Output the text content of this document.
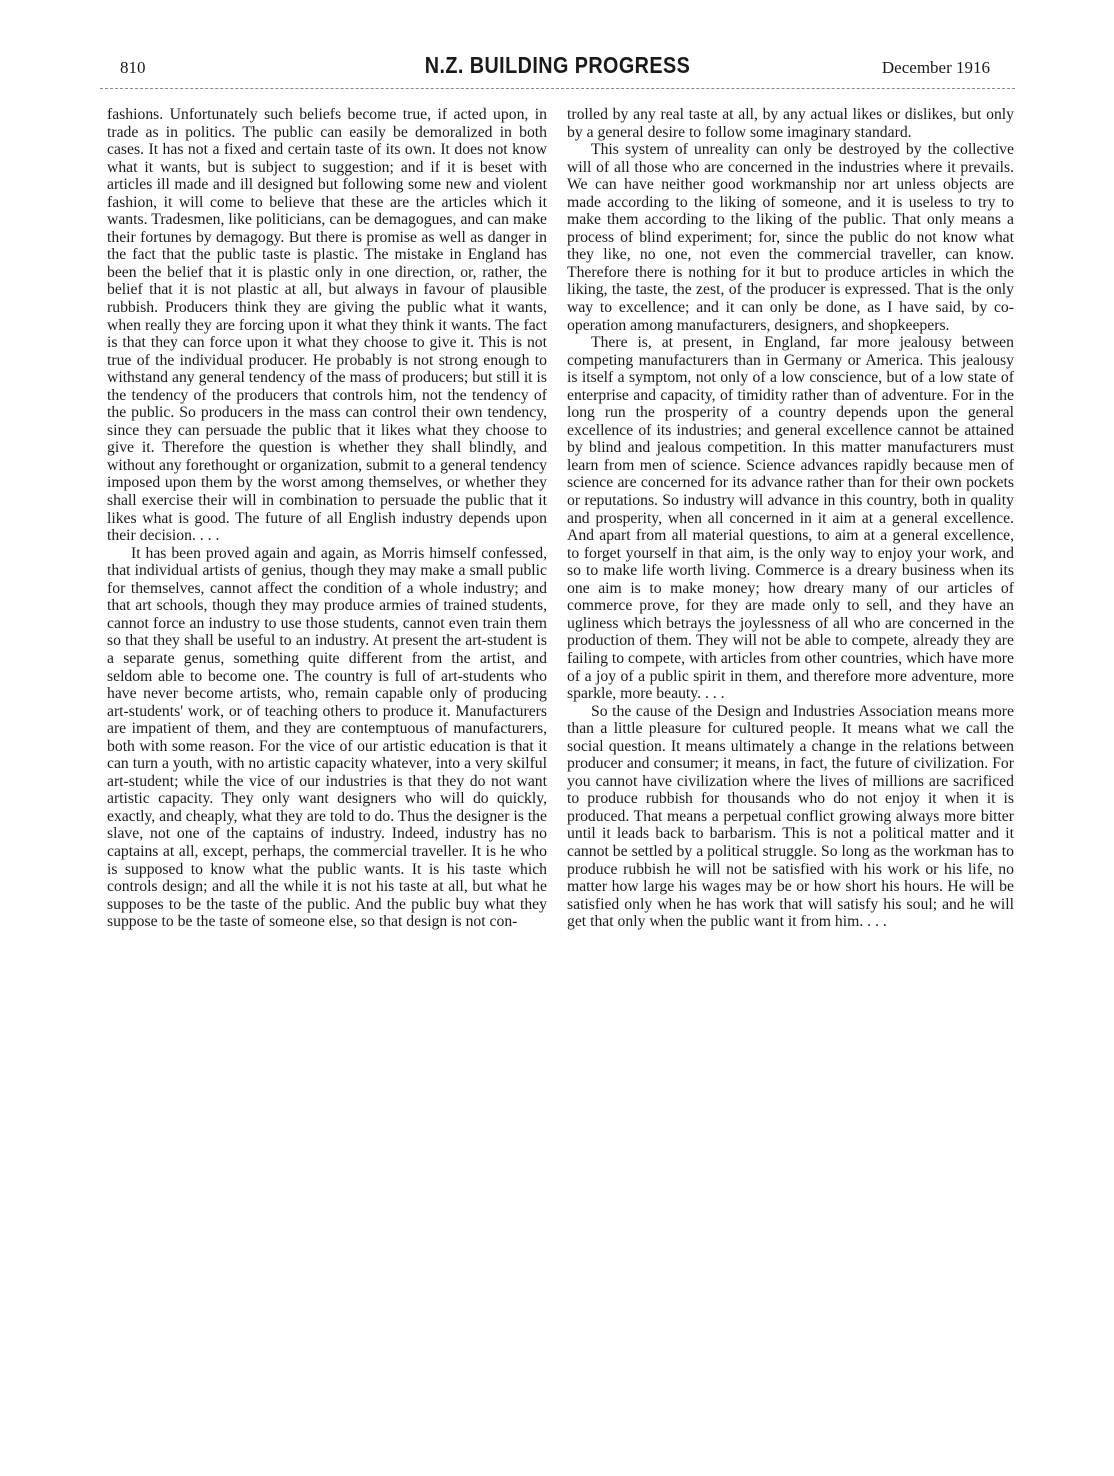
810	N.Z. BUILDING PROGRESS	December 1916

fashions. Unfortunately such beliefs become true, if acted upon, in trade as in politics. The public can easily be demoralized in both cases. It has not a fixed and certain taste of its own. It does not know what it wants, but is subject to suggestion; and if it is beset with articles ill made and ill designed but following some new and violent fashion, it will come to believe that these are the articles which it wants. Tradesmen, like politicians, can be demagogues, and can make their fortunes by demagogy. But there is promise as well as danger in the fact that the public taste is plastic. The mistake in England has been the belief that it is plastic only in one direction, or, rather, the belief that it is not plastic at all, but always in favour of plausible rubbish. Producers think they are giving the public what it wants, when really they are forcing upon it what they think it wants. The fact is that they can force upon it what they choose to give it. This is not true of the individual producer. He probably is not strong enough to withstand any general tendency of the mass of producers; but still it is the tendency of the producers that controls him, not the tendency of the public. So producers in the mass can control their own tendency, since they can persuade the public that it likes what they choose to give it. Therefore the question is whether they shall blindly, and without any forethought or organization, submit to a general tendency imposed upon them by the worst among themselves, or whether they shall exercise their will in combination to persuade the public that it likes what is good. The future of all English industry depends upon their decision. . . .

It has been proved again and again, as Morris himself confessed, that individual artists of genius, though they may make a small public for themselves, cannot affect the condition of a whole industry; and that art schools, though they may produce armies of trained students, cannot force an industry to use those students, cannot even train them so that they shall be useful to an industry. At present the art-student is a separate genus, something quite different from the artist, and seldom able to become one. The country is full of art-students who have never become artists, who, remain capable only of producing art-students' work, or of teaching others to produce it. Manufacturers are impatient of them, and they are contemptuous of manufacturers, both with some reason. For the vice of our artistic education is that it can turn a youth, with no artistic capacity whatever, into a very skilful art-student; while the vice of our industries is that they do not want artistic capacity. They only want designers who will do quickly, exactly, and cheaply, what they are told to do. Thus the designer is the slave, not one of the captains of industry. Indeed, industry has no captains at all, except, perhaps, the commercial traveller. It is he who is supposed to know what the public wants. It is his taste which controls design; and all the while it is not his taste at all, but what he supposes to be the taste of the public. And the public buy what they suppose to be the taste of someone else, so that design is not con-

trolled by any real taste at all, by any actual likes or dislikes, but only by a general desire to follow some imaginary standard.

This system of unreality can only be destroyed by the collective will of all those who are concerned in the industries where it prevails. We can have neither good workmanship nor art unless objects are made according to the liking of someone, and it is useless to try to make them according to the liking of the public. That only means a process of blind experiment; for, since the public do not know what they like, no one, not even the commercial traveller, can know. Therefore there is nothing for it but to produce articles in which the liking, the taste, the zest, of the producer is expressed. That is the only way to excellence; and it can only be done, as I have said, by co-operation among manufacturers, designers, and shopkeepers.

There is, at present, in England, far more jealousy between competing manufacturers than in Germany or America. This jealousy is itself a symptom, not only of a low conscience, but of a low state of enterprise and capacity, of timidity rather than of adventure. For in the long run the prosperity of a country depends upon the general excellence of its industries; and general excellence cannot be attained by blind and jealous competition. In this matter manufacturers must learn from men of science. Science advances rapidly because men of science are concerned for its advance rather than for their own pockets or reputations. So industry will advance in this country, both in quality and prosperity, when all concerned in it aim at a general excellence. And apart from all material questions, to aim at a general excellence, to forget yourself in that aim, is the only way to enjoy your work, and so to make life worth living. Commerce is a dreary business when its one aim is to make money; how dreary many of our articles of commerce prove, for they are made only to sell, and they have an ugliness which betrays the joylessness of all who are concerned in the production of them. They will not be able to compete, already they are failing to compete, with articles from other countries, which have more of a joy of a public spirit in them, and therefore more adventure, more sparkle, more beauty. . . .

So the cause of the Design and Industries Association means more than a little pleasure for cultured people. It means what we call the social question. It means ultimately a change in the relations between producer and consumer; it means, in fact, the future of civilization. For you cannot have civilization where the lives of millions are sacrificed to produce rubbish for thousands who do not enjoy it when it is produced. That means a perpetual conflict growing always more bitter until it leads back to barbarism. This is not a political matter and it cannot be settled by a political struggle. So long as the workman has to produce rubbish he will not be satisfied with his work or his life, no matter how large his wages may be or how short his hours. He will be satisfied only when he has work that will satisfy his soul; and he will get that only when the public want it from him. . . .
